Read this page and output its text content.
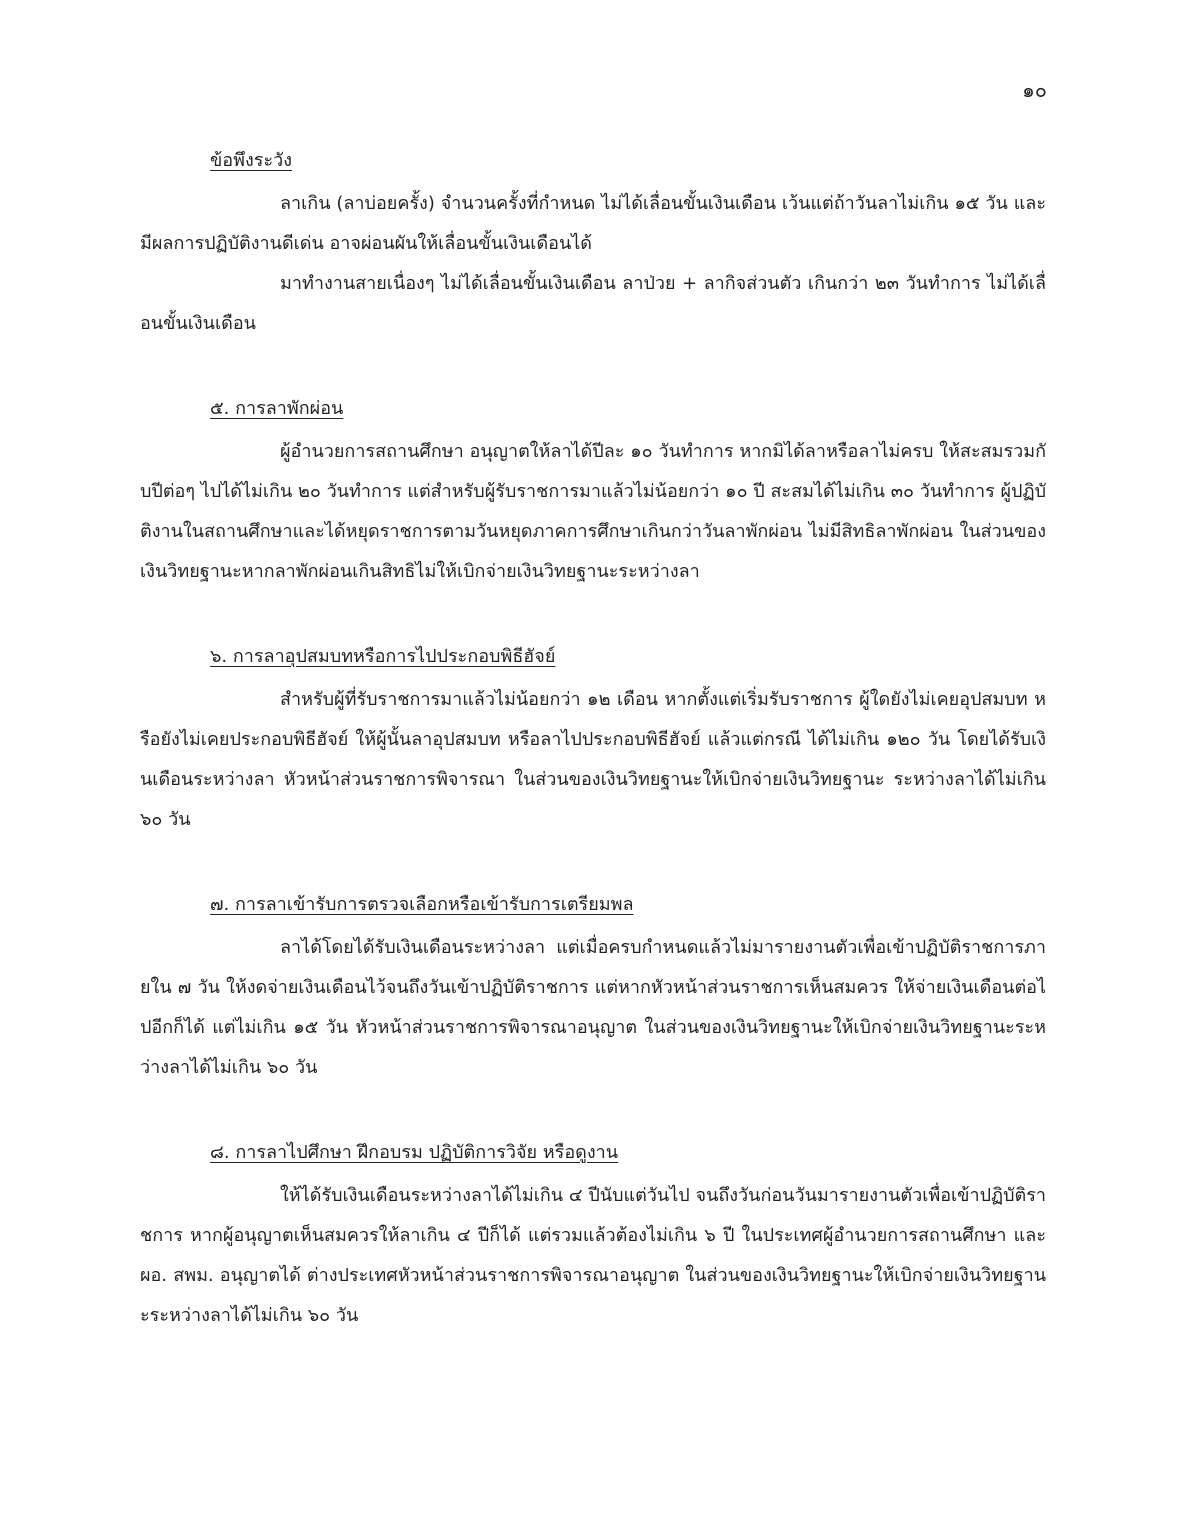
๑๐

ข้อพึงระวัง

ลาเกิน (ลาบ่อยครั้ง) จำนวนครั้งที่กำหนด ไม่ได้เลื่อนขั้นเงินเดือน เว้นแต่ถ้าวันลาไม่เกิน ๑๕ วัน และมีผลการปฏิบัติงานดีเด่น อาจผ่อนผันให้เลื่อนขั้นเงินเดือนได้

มาทำงานสายเนื่องๆ ไม่ได้เลื่อนขั้นเงินเดือน ลาป่วย + ลากิจส่วนตัว เกินกว่า ๒๓ วันทำการ ไม่ได้เลื่อนขั้นเงินเดือน

๕. การลาพักผ่อน

ผู้อำนวยการสถานศึกษา อนุญาตให้ลาได้ปีละ ๑๐ วันทำการ หากมิได้ลาหรือลาไม่ครบ ให้สะสมรวมกับปีต่อๆ ไปได้ไม่เกิน ๒๐ วันทำการ แต่สำหรับผู้รับราชการมาแล้วไม่น้อยกว่า ๑๐ ปี สะสมได้ไม่เกิน ๓๐ วันทำการ ผู้ปฏิบัติงานในสถานศึกษาและได้หยุดราชการตามวันหยุดภาคการศึกษาเกินกว่าวันลาพักผ่อน ไม่มีสิทธิลาพักผ่อน ในส่วนของเงินวิทยฐานะหากลาพักผ่อนเกินสิทธิไม่ให้เบิกจ่ายเงินวิทยฐานะระหว่างลา

๖. การลาอุปสมบทหรือการไปประกอบพิธีฮัจย์

สำหรับผู้ที่รับราชการมาแล้วไม่น้อยกว่า ๑๒ เดือน หากตั้งแต่เริ่มรับราชการ ผู้ใดยังไม่เคยอุปสมบท หรือยังไม่เคยประกอบพิธีฮัจย์ ให้ผู้นั้นลาอุปสมบท หรือลาไปประกอบพิธีฮัจย์ แล้วแต่กรณี ได้ไม่เกิน ๑๒๐ วัน โดยได้รับเงินเดือนระหว่างลา หัวหน้าส่วนราชการพิจารณา ในส่วนของเงินวิทยฐานะให้เบิกจ่ายเงินวิทยฐานะ ระหว่างลาได้ไม่เกิน ๖๐ วัน

๗. การลาเข้ารับการตรวจเลือกหรือเข้ารับการเตรียมพล

ลาได้โดยได้รับเงินเดือนระหว่างลา แต่เมื่อครบกำหนดแล้วไม่มารายงานตัวเพื่อเข้าปฏิบัติราชการภายใน ๗ วัน ให้งดจ่ายเงินเดือนไว้จนถึงวันเข้าปฏิบัติราชการ แต่หากหัวหน้าส่วนราชการเห็นสมควร ให้จ่ายเงินเดือนต่อไปอีกก็ได้ แต่ไม่เกิน ๑๕ วัน หัวหน้าส่วนราชการพิจารณาอนุญาต ในส่วนของเงินวิทยฐานะให้เบิกจ่ายเงินวิทยฐานะระหว่างลาได้ไม่เกิน ๖๐ วัน

๘. การลาไปศึกษา ฝึกอบรม ปฏิบัติการวิจัย หรือดูงาน

ให้ได้รับเงินเดือนระหว่างลาได้ไม่เกิน ๔ ปีนับแต่วันไป จนถึงวันก่อนวันมารายงานตัวเพื่อเข้าปฏิบัติราชการ หากผู้อนุญาตเห็นสมควรให้ลาเกิน ๔ ปีก็ได้ แต่รวมแล้วต้องไม่เกิน ๖ ปี ในประเทศผู้อำนวยการสถานศึกษา และ ผอ. สพม. อนุญาตได้ ต่างประเทศหัวหน้าส่วนราชการพิจารณาอนุญาต ในส่วนของเงินวิทยฐานะให้เบิกจ่ายเงินวิทยฐานะระหว่างลาได้ไม่เกิน ๖๐ วัน
